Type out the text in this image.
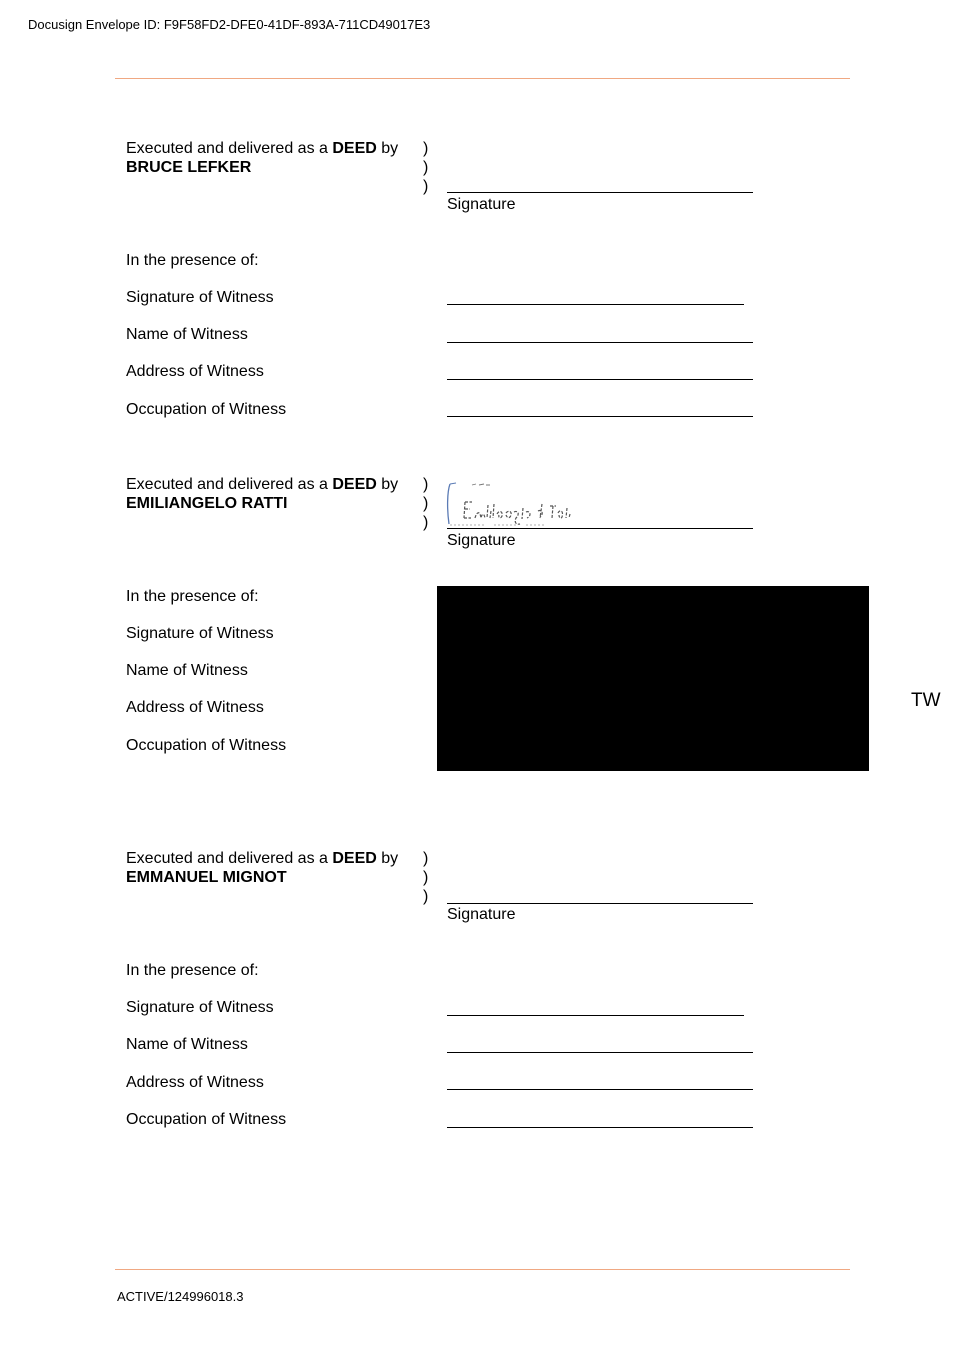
Docusign Envelope ID: F9F58FD2-DFE0-41DF-893A-711CD49017E3
Executed and delivered as a DEED by
BRUCE LEFKER
)
)
)
Signature
In the presence of:
Signature of Witness
Name of Witness
Address of Witness
Occupation of Witness
Executed and delivered as a DEED by
EMILIANGELO RATTI
)
)
)
Signature
In the presence of:
Signature of Witness
Name of Witness
Address of Witness
Occupation of Witness
TW
Executed and delivered as a DEED by
EMMANUEL MIGNOT
)
)
)
Signature
In the presence of:
Signature of Witness
Name of Witness
Address of Witness
Occupation of Witness
ACTIVE/124996018.3
